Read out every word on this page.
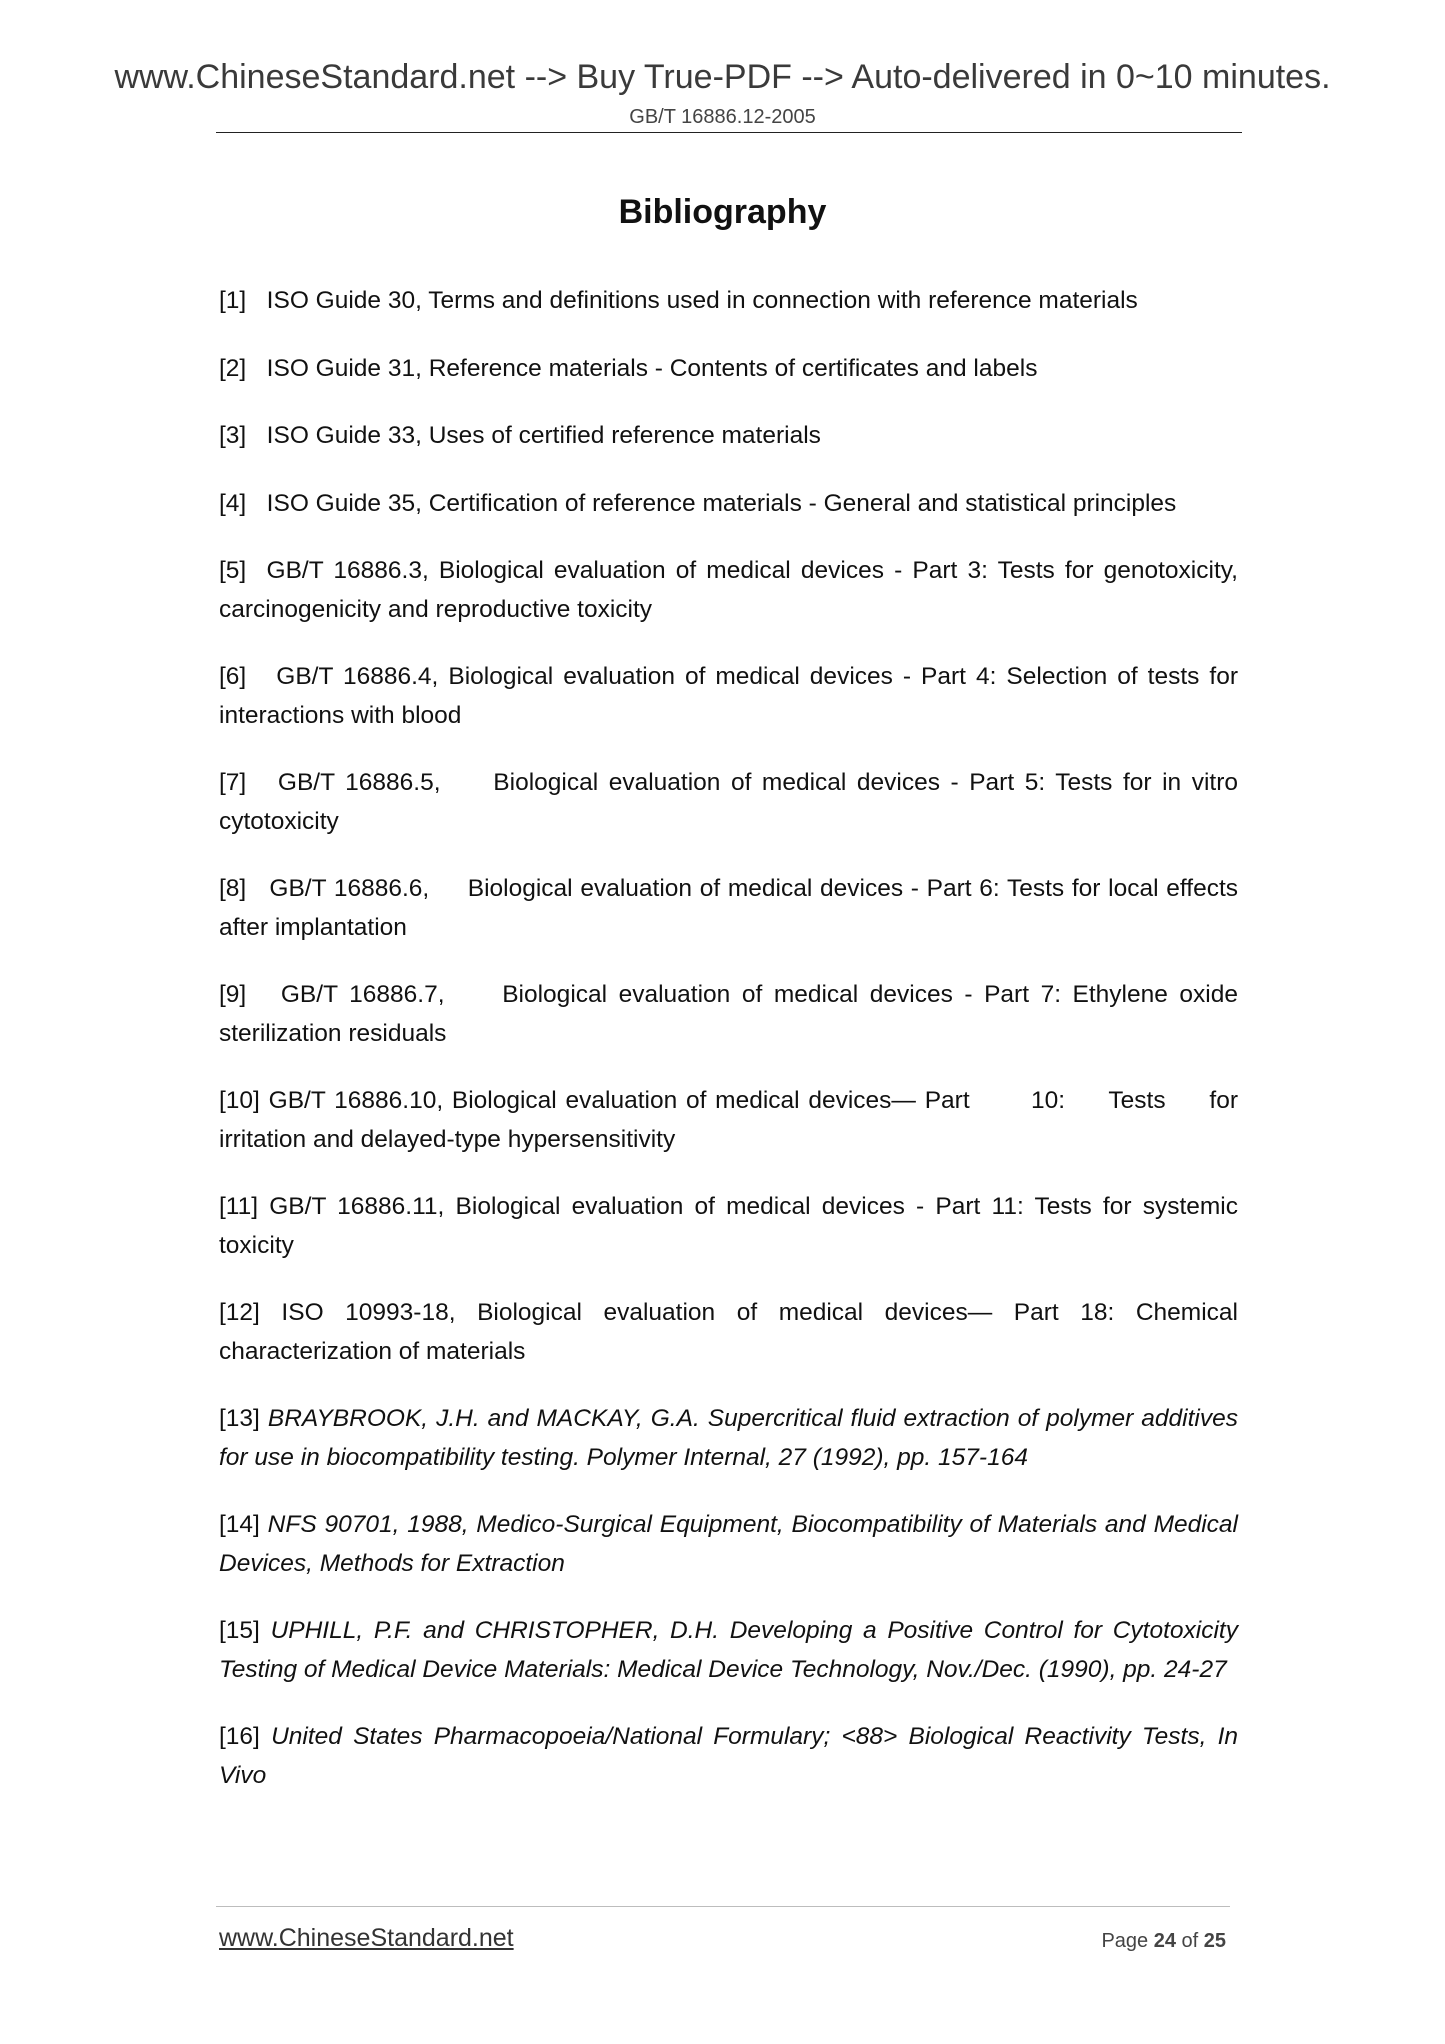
www.ChineseStandard.net --> Buy True-PDF --> Auto-delivered in 0~10 minutes.
GB/T 16886.12-2005
Bibliography
[1] ISO Guide 30, Terms and definitions used in connection with reference materials
[2] ISO Guide 31, Reference materials - Contents of certificates and labels
[3] ISO Guide 33, Uses of certified reference materials
[4] ISO Guide 35, Certification of reference materials - General and statistical principles
[5] GB/T 16886.3, Biological evaluation of medical devices - Part 3: Tests for genotoxicity, carcinogenicity and reproductive toxicity
[6] GB/T 16886.4, Biological evaluation of medical devices - Part 4: Selection of tests for interactions with blood
[7] GB/T 16886.5,     Biological evaluation of medical devices - Part 5: Tests for in vitro cytotoxicity
[8] GB/T 16886.6,     Biological evaluation of medical devices - Part 6: Tests for local effects after implantation
[9] GB/T 16886.7,     Biological evaluation of medical devices - Part 7: Ethylene oxide sterilization residuals
[10] GB/T 16886.10, Biological evaluation of medical devices— Part       10:     Tests     for irritation and delayed-type hypersensitivity
[11] GB/T 16886.11, Biological evaluation of medical devices - Part 11: Tests for systemic toxicity
[12] ISO 10993-18, Biological evaluation of medical devices— Part 18: Chemical characterization of materials
[13] BRAYBROOK, J.H. and MACKAY, G.A. Supercritical fluid extraction of polymer additives for use in biocompatibility testing. Polymer Internal, 27 (1992), pp. 157-164
[14] NFS 90701, 1988, Medico-Surgical Equipment, Biocompatibility of Materials and Medical Devices, Methods for Extraction
[15] UPHILL, P.F. and CHRISTOPHER, D.H. Developing a Positive Control for Cytotoxicity Testing of Medical Device Materials: Medical Device Technology, Nov./Dec. (1990), pp. 24-27
[16] United States Pharmacopoeia/National Formulary; <88> Biological Reactivity Tests, In Vivo
www.ChineseStandard.net	Page 24 of 25
